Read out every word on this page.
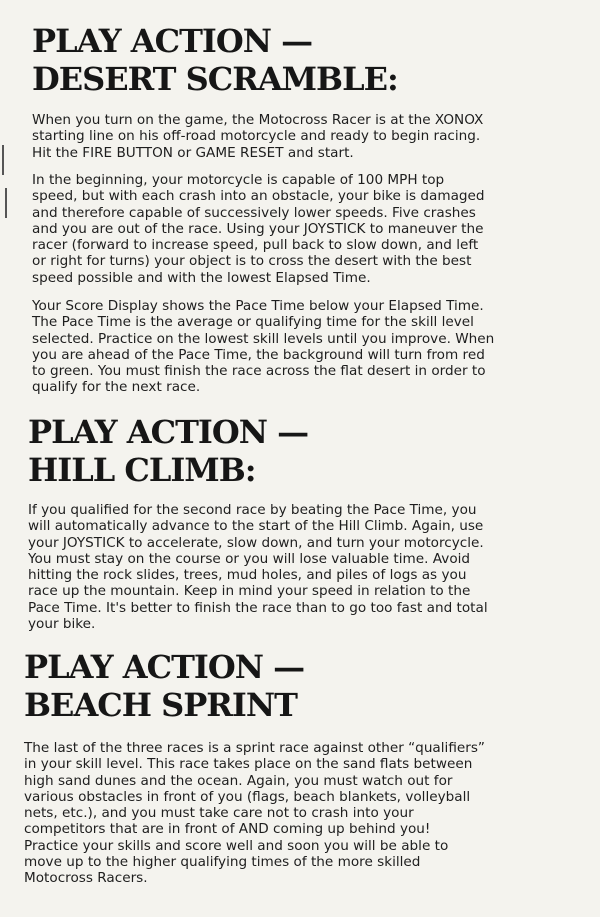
PLAY ACTION —
DESERT SCRAMBLE:

When you turn on the game, the Motocross Racer is at the XONOX
starting line on his off-road motorcycle and ready to begin racing.
Hit the FIRE BUTTON or GAME RESET and start.

In the beginning, your motorcycle is capable of 100 MPH top
speed, but with each crash into an obstacle, your bike is damaged
and therefore capable of successively lower speeds. Five crashes
and you are out of the race. Using your JOYSTICK to maneuver the
racer (forward to increase speed, pull back to slow down, and left
or right for turns) your object is to cross the desert with the best
speed possible and with the lowest Elapsed Time.

Your Score Display shows the Pace Time below your Elapsed Time.
The Pace Time is the average or qualifying time for the skill level
selected. Practice on the lowest skill levels until you improve. When
you are ahead of the Pace Time, the background will turn from red
to green. You must finish the race across the flat desert in order to
qualify for the next race.

PLAY ACTION —
HILL CLIMB:

If you qualified for the second race by beating the Pace Time, you
will automatically advance to the start of the Hill Climb. Again, use
your JOYSTICK to accelerate, slow down, and turn your motorcycle.
You must stay on the course or you will lose valuable time. Avoid
hitting the rock slides, trees, mud holes, and piles of logs as you
race up the mountain. Keep in mind your speed in relation to the
Pace Time. It's better to finish the race than to go too fast and total
your bike.

PLAY ACTION —
BEACH SPRINT

The last of the three races is a sprint race against other “qualifiers”
in your skill level. This race takes place on the sand flats between
high sand dunes and the ocean. Again, you must watch out for
various obstacles in front of you (flags, beach blankets, volleyball
nets, etc.), and you must take care not to crash into your
competitors that are in front of AND coming up behind you!
Practice your skills and score well and soon you will be able to
move up to the higher qualifying times of the more skilled
Motocross Racers.
